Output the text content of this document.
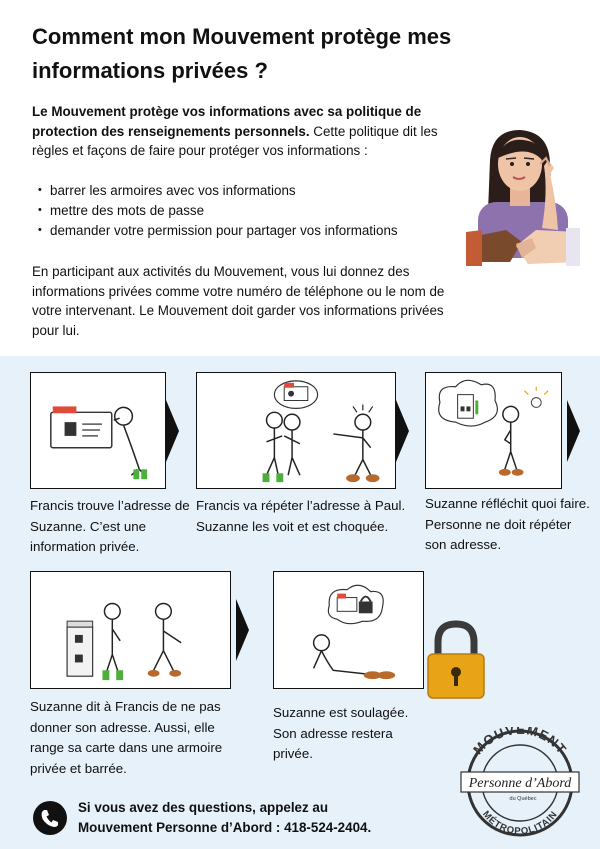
Comment mon Mouvement protège mes informations privées ?

Le Mouvement protège vos informations avec sa politique de protection des renseignements personnels. Cette politique dit les règles et façons de faire pour protéger vos informations :

• barrer les armoires avec vos informations
• mettre des mots de passe
• demander votre permission pour partager vos informations

En participant aux activités du Mouvement, vous lui donnez des informations privées comme votre numéro de téléphone ou le nom de votre intervenant. Le Mouvement doit garder vos informations privées pour lui.

Francis trouve l’adresse de Suzanne. C’est une information privée.
Francis va répéter l’adresse à Paul. Suzanne les voit et est choquée.
Suzanne réfléchit quoi faire. Personne ne doit répéter son adresse.
Suzanne dit à Francis de ne pas donner son adresse. Aussi, elle range sa carte dans une armoire privée et barrée.
Suzanne est soulagée. Son adresse restera privée.	MOUVEMENT
MÉTROPOLITAIN
Personne d’Abord
du Québec
Si vous avez des questions, appelez au
Mouvement Personne d’Abord : 418-524-2404.
